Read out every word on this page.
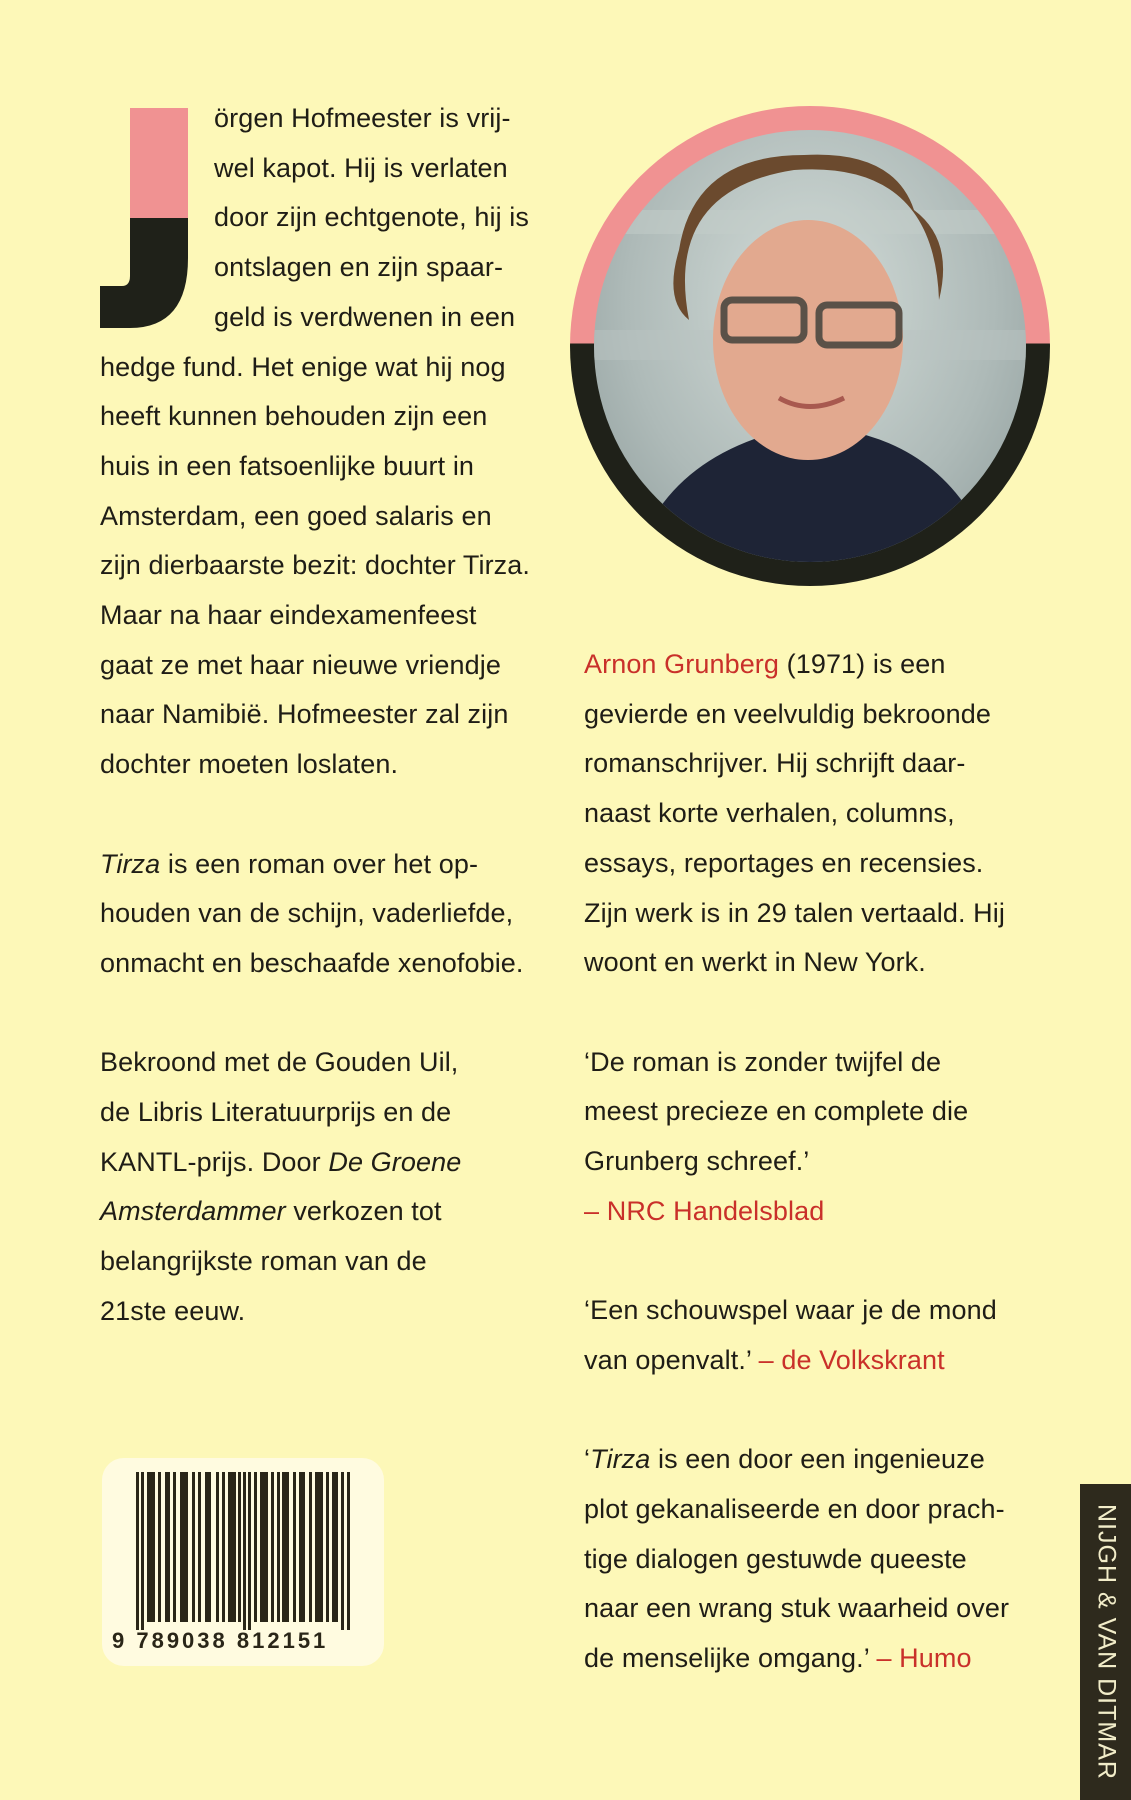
örgen Hofmeester is vrij-

wel kapot. Hij is verlaten

door zijn echtgenote, hij is

ontslagen en zijn spaar-

geld is verdwenen in een

hedge fund. Het enige wat hij nog

heeft kunnen behouden zijn een

huis in een fatsoenlijke buurt in

Amsterdam, een goed salaris en

zijn dierbaarste bezit: dochter Tirza.

Maar na haar eindexamenfeest

gaat ze met haar nieuwe vriendje

naar Namibië. Hofmeester zal zijn

dochter moeten loslaten.

Tirza is een roman over het op-

houden van de schijn, vaderliefde,

onmacht en beschaafde xenofobie.

Bekroond met de Gouden Uil,

de Libris Literatuurprijs en de

KANTL-prijs. Door De Groene

Amsterdammer verkozen tot

belangrijkste roman van de

21ste eeuw.

Arnon Grunberg (1971) is een

gevierde en veelvuldig bekroonde

romanschrijver. Hij schrijft daar-

naast korte verhalen, columns,

essays, reportages en recensies.

Zijn werk is in 29 talen vertaald. Hij

woont en werkt in New York.

‘De roman is zonder twijfel de

meest precieze en complete die

Grunberg schreef.’

– NRC Handelsblad

‘Een schouwspel waar je de mond

van openvalt.’ – de Volkskrant

‘Tirza is een door een ingenieuze

plot gekanaliseerde en door prach-

tige dialogen gestuwde queeste

naar een wrang stuk waarheid over

de menselijke omgang.’ – Humo

9 789038 812151	NIJGH & VAN DITMAR
